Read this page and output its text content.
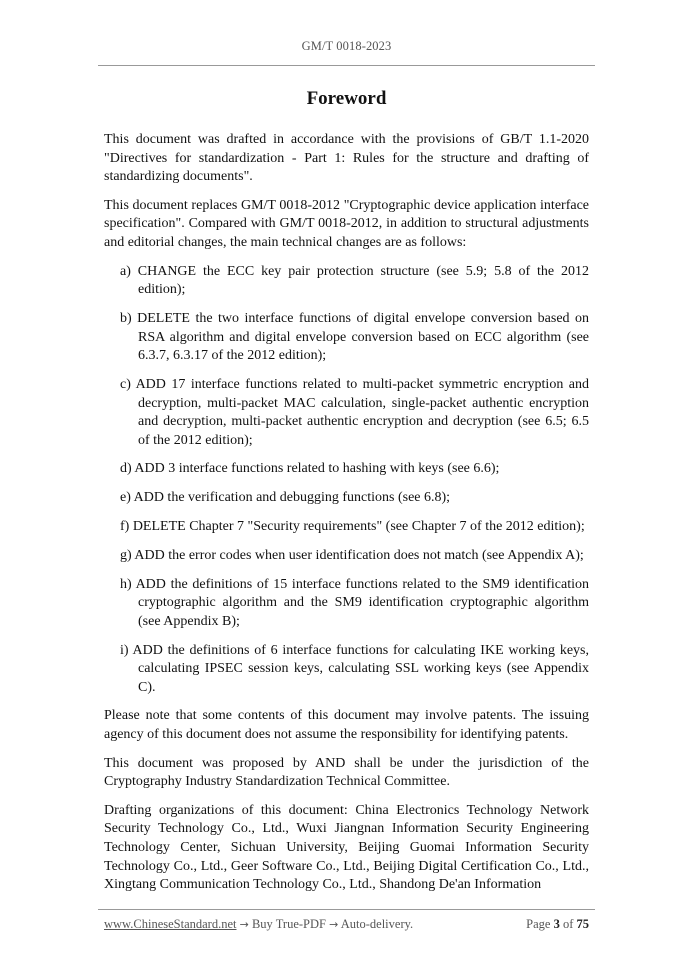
GM/T 0018-2023
Foreword

This document was drafted in accordance with the provisions of GB/T 1.1-2020 "Directives for standardization - Part 1: Rules for the structure and drafting of standardizing documents".

This document replaces GM/T 0018-2012 "Cryptographic device application interface specification". Compared with GM/T 0018-2012, in addition to structural adjustments and editorial changes, the main technical changes are as follows:

a) CHANGE the ECC key pair protection structure (see 5.9; 5.8 of the 2012 edition);
b) DELETE the two interface functions of digital envelope conversion based on RSA algorithm and digital envelope conversion based on ECC algorithm (see 6.3.7, 6.3.17 of the 2012 edition);
c) ADD 17 interface functions related to multi-packet symmetric encryption and decryption, multi-packet MAC calculation, single-packet authentic encryption and decryption, multi-packet authentic encryption and decryption (see 6.5; 6.5 of the 2012 edition);
d) ADD 3 interface functions related to hashing with keys (see 6.6);
e) ADD the verification and debugging functions (see 6.8);
f) DELETE Chapter 7 "Security requirements" (see Chapter 7 of the 2012 edition);
g) ADD the error codes when user identification does not match (see Appendix A);
h) ADD the definitions of 15 interface functions related to the SM9 identification cryptographic algorithm and the SM9 identification cryptographic algorithm (see Appendix B);
i) ADD the definitions of 6 interface functions for calculating IKE working keys, calculating IPSEC session keys, calculating SSL working keys (see Appendix C).

Please note that some contents of this document may involve patents. The issuing agency of this document does not assume the responsibility for identifying patents.

This document was proposed by AND shall be under the jurisdiction of the Cryptography Industry Standardization Technical Committee.

Drafting organizations of this document: China Electronics Technology Network Security Technology Co., Ltd., Wuxi Jiangnan Information Security Engineering Technology Center, Sichuan University, Beijing Guomai Information Security Technology Co., Ltd., Geer Software Co., Ltd., Beijing Digital Certification Co., Ltd., Xingtang Communication Technology Co., Ltd., Shandong De'an Information

www.ChineseStandard.net → Buy True-PDF → Auto-delivery.	Page 3 of 75
